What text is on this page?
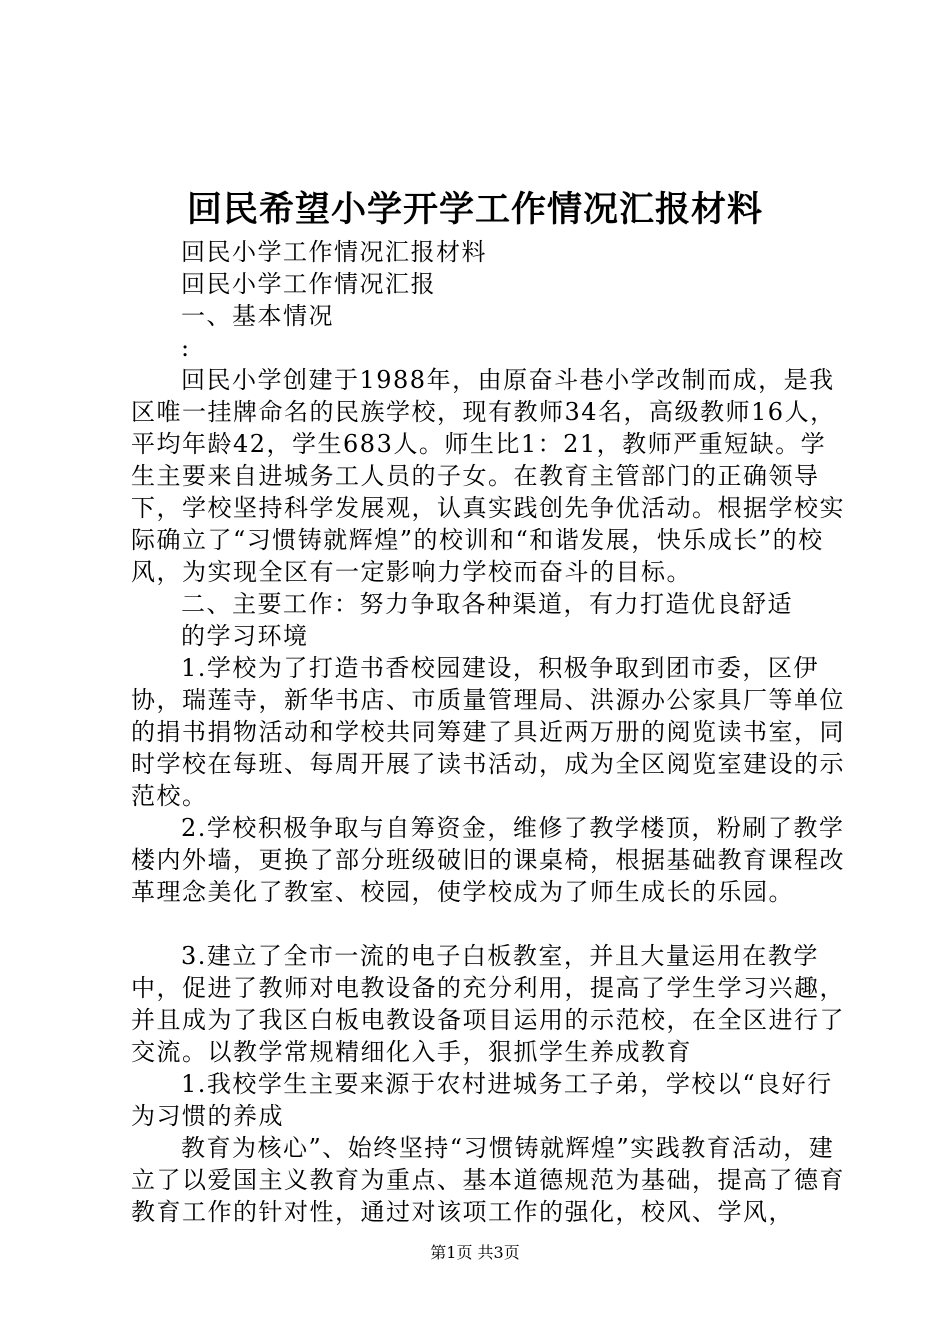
回民希望小学开学工作情况汇报材料

回民小学工作情况汇报材料

回民小学工作情况汇报

一、基本情况

:

回民小学创建于1988年，由原奋斗巷小学改制而成，是我区唯一挂牌命名的民族学校，现有教师34名，高级教师16人，平均年龄42，学生683人。师生比1：21，教师严重短缺。学生主要来自进城务工人员的子女。在教育主管部门的正确领导下，学校坚持科学发展观，认真实践创先争优活动。根据学校实际确立了“习惯铸就辉煌”的校训和“和谐发展，快乐成长”的校风，为实现全区有一定影响力学校而奋斗的目标。

二、主要工作：努力争取各种渠道，有力打造优良舒适

的学习环境

1.学校为了打造书香校园建设，积极争取到团市委，区伊协，瑞莲寺，新华书店、市质量管理局、洪源办公家具厂等单位的捐书捐物活动和学校共同筹建了具近两万册的阅览读书室，同时学校在每班、每周开展了读书活动，成为全区阅览室建设的示范校。

2.学校积极争取与自筹资金，维修了教学楼顶，粉刷了教学楼内外墙，更换了部分班级破旧的课桌椅，根据基础教育课程改革理念美化了教室、校园，使学校成为了师生成长的乐园。

3.建立了全市一流的电子白板教室，并且大量运用在教学中，促进了教师对电教设备的充分利用，提高了学生学习兴趣，并且成为了我区白板电教设备项目运用的示范校，在全区进行了交流。以教学常规精细化入手，狠抓学生养成教育

1.我校学生主要来源于农村进城务工子弟，学校以“良好行为习惯的养成

教育为核心”、始终坚持“习惯铸就辉煌”实践教育活动，建立了以爱国主义教育为重点、基本道德规范为基础，提高了德育教育工作的针对性，通过对该项工作的强化，校风、学风，

第1页 共3页
